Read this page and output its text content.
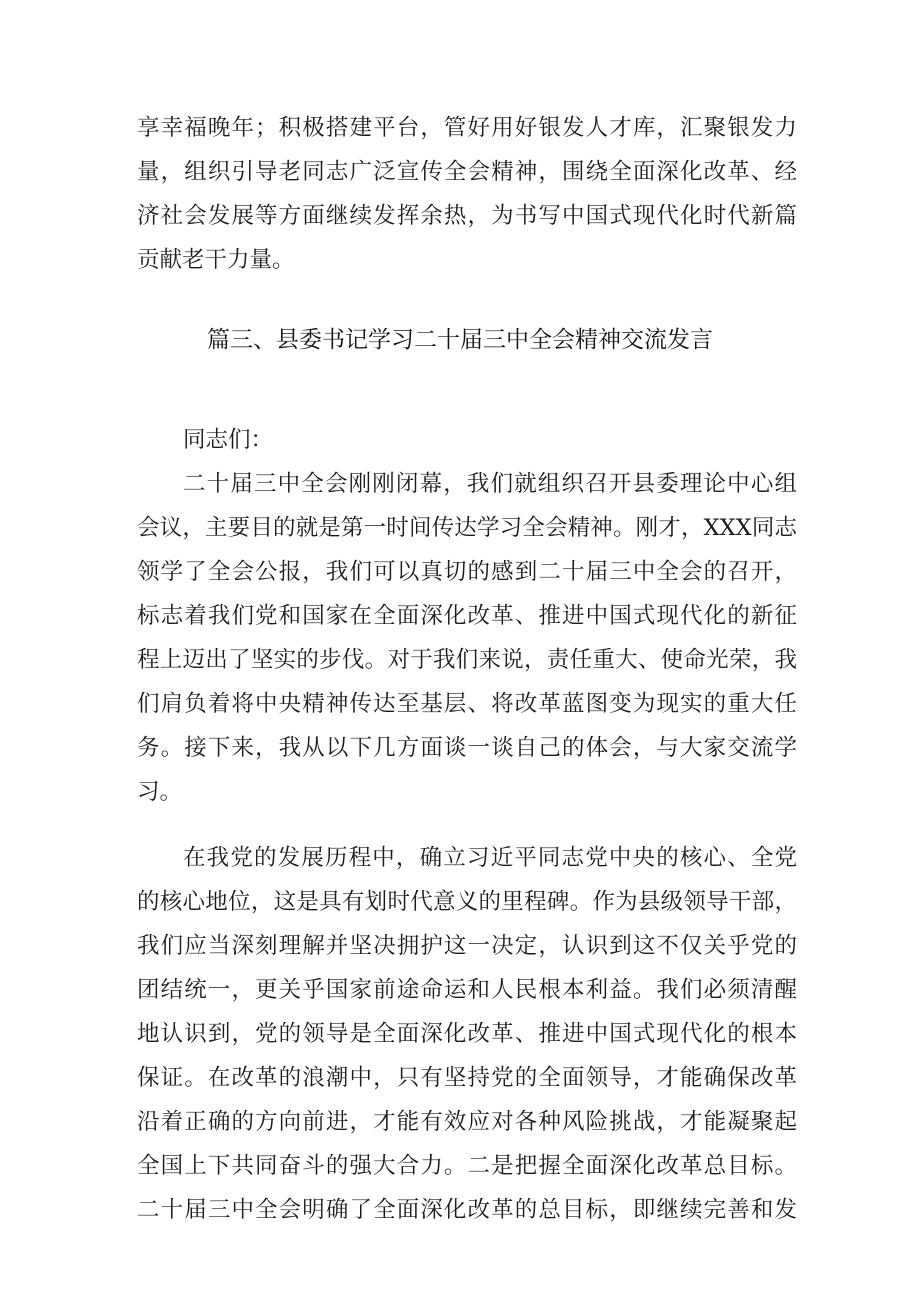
享幸福晚年；积极搭建平台，管好用好银发人才库，汇聚银发力
量，组织引导老同志广泛宣传全会精神，围绕全面深化改革、经
济社会发展等方面继续发挥余热，为书写中国式现代化时代新篇
贡献老干力量。
篇三、县委书记学习二十届三中全会精神交流发言
同志们：
二十届三中全会刚刚闭幕，我们就组织召开县委理论中心组
会议，主要目的就是第一时间传达学习全会精神。刚才，XXX同志
领学了全会公报，我们可以真切的感到二十届三中全会的召开，
标志着我们党和国家在全面深化改革、推进中国式现代化的新征
程上迈出了坚实的步伐。对于我们来说，责任重大、使命光荣，我
们肩负着将中央精神传达至基层、将改革蓝图变为现实的重大任
务。接下来，我从以下几方面谈一谈自己的体会，与大家交流学
习。
在我党的发展历程中，确立习近平同志党中央的核心、全党
的核心地位，这是具有划时代意义的里程碑。作为县级领导干部，
我们应当深刻理解并坚决拥护这一决定，认识到这不仅关乎党的
团结统一，更关乎国家前途命运和人民根本利益。我们必须清醒
地认识到，党的领导是全面深化改革、推进中国式现代化的根本
保证。在改革的浪潮中，只有坚持党的全面领导，才能确保改革
沿着正确的方向前进，才能有效应对各种风险挑战，才能凝聚起
全国上下共同奋斗的强大合力。二是把握全面深化改革总目标。
二十届三中全会明确了全面深化改革的总目标，即继续完善和发
